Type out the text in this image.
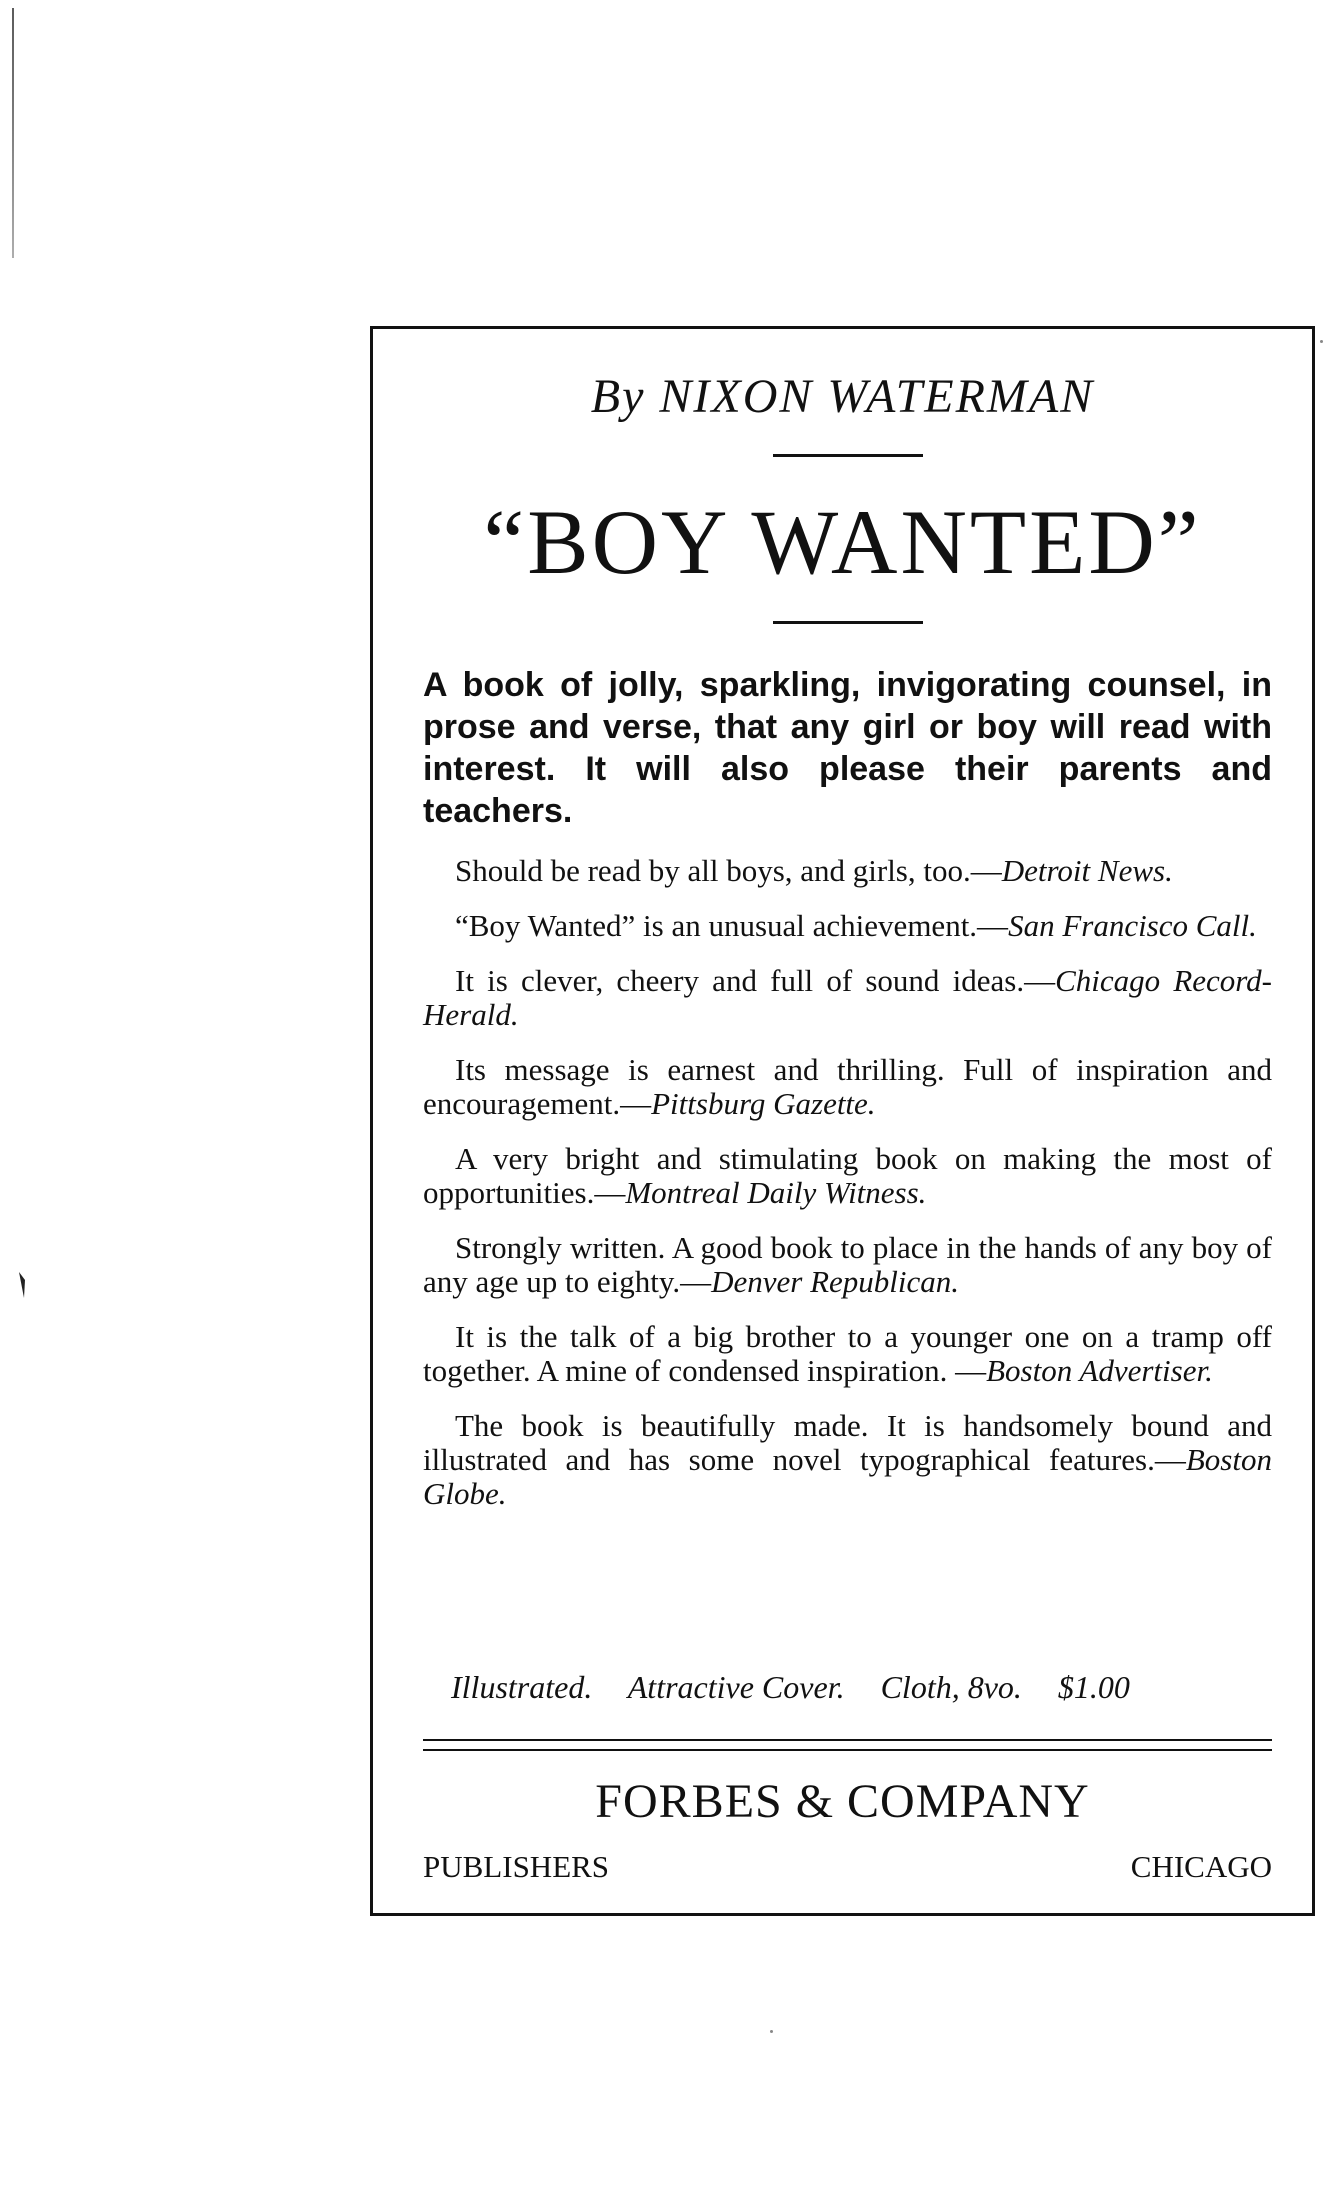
By NIXON WATERMAN
“BOY WANTED”
A book of jolly, sparkling, invigorating counsel, in prose and verse, that any girl or boy will read with interest. It will also please their parents and teachers.

Should be read by all boys, and girls, too.—Detroit News.

“Boy Wanted” is an unusual achievement.—San Francisco Call.

It is clever, cheery and full of sound ideas.—Chicago Record-Herald.

Its message is earnest and thrilling. Full of inspiration and encouragement.—Pittsburg Gazette.

A very bright and stimulating book on making the most of opportunities.—Montreal Daily Witness.

Strongly written. A good book to place in the hands of any boy of any age up to eighty.—Denver Republican.

It is the talk of a big brother to a younger one on a tramp off together. A mine of condensed inspiration. —Boston Advertiser.

The book is beautifully made. It is handsomely bound and illustrated and has some novel typographical features.—Boston Globe.

Illustrated. Attractive Cover. Cloth, 8vo. $1.00
FORBES & COMPANY
PUBLISHERS	CHICAGO
